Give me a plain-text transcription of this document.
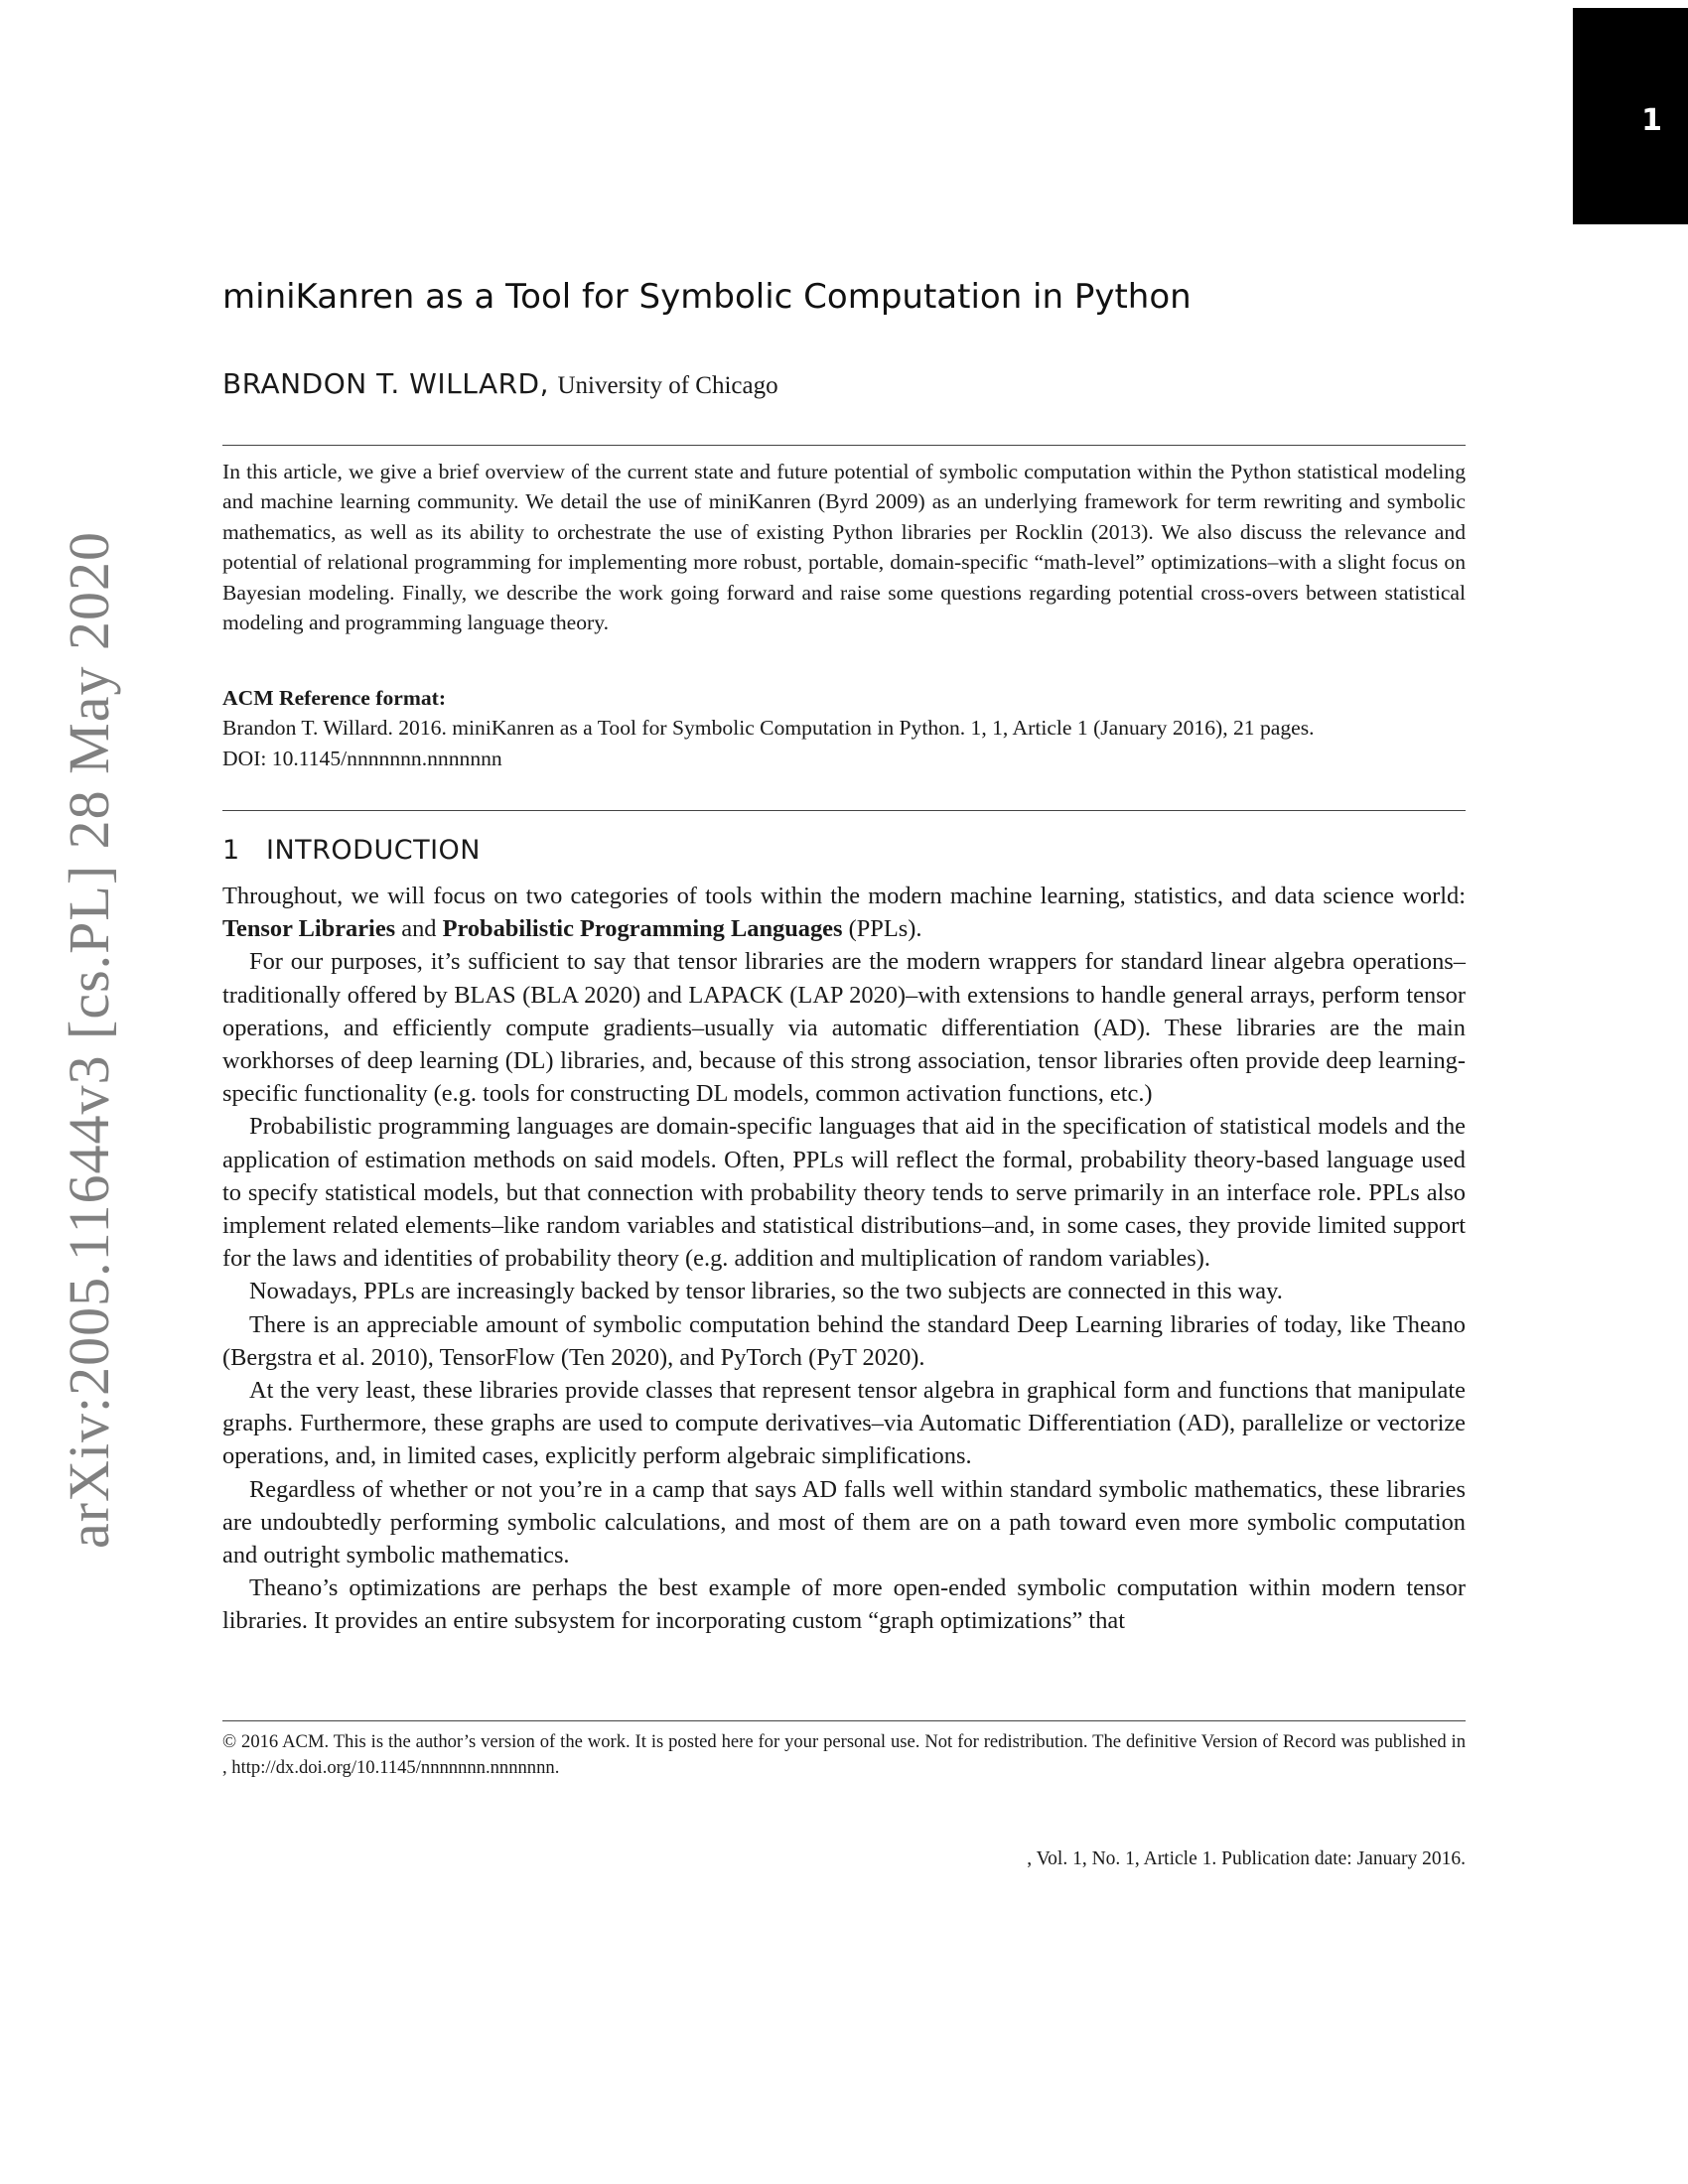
1
arXiv:2005.11644v3 [cs.PL] 28 May 2020
miniKanren as a Tool for Symbolic Computation in Python
BRANDON T. WILLARD, University of Chicago

In this article, we give a brief overview of the current state and future potential of symbolic computation within the Python statistical modeling and machine learning community. We detail the use of miniKanren (Byrd 2009) as an underlying framework for term rewriting and symbolic mathematics, as well as its ability to orchestrate the use of existing Python libraries per Rocklin (2013). We also discuss the relevance and potential of relational programming for implementing more robust, portable, domain-specific “math-level” optimizations–with a slight focus on Bayesian modeling. Finally, we describe the work going forward and raise some questions regarding potential cross-overs between statistical modeling and programming language theory.

ACM Reference format:
Brandon T. Willard. 2016. miniKanren as a Tool for Symbolic Computation in Python. 1, 1, Article 1 (January 2016), 21 pages.
DOI: 10.1145/nnnnnnn.nnnnnnn
1 INTRODUCTION

Throughout, we will focus on two categories of tools within the modern machine learning, statistics, and data science world: Tensor Libraries and Probabilistic Programming Languages (PPLs).

For our purposes, it’s sufficient to say that tensor libraries are the modern wrappers for standard linear algebra operations–traditionally offered by BLAS (BLA 2020) and LAPACK (LAP 2020)–with extensions to handle general arrays, perform tensor operations, and efficiently compute gradients–usually via automatic differentiation (AD). These libraries are the main workhorses of deep learning (DL) libraries, and, because of this strong association, tensor libraries often provide deep learning-specific functionality (e.g. tools for constructing DL models, common activation functions, etc.)

Probabilistic programming languages are domain-specific languages that aid in the specification of statistical models and the application of estimation methods on said models. Often, PPLs will reflect the formal, probability theory-based language used to specify statistical models, but that connection with probability theory tends to serve primarily in an interface role. PPLs also implement related elements–like random variables and statistical distributions–and, in some cases, they provide limited support for the laws and identities of probability theory (e.g. addition and multiplication of random variables).

Nowadays, PPLs are increasingly backed by tensor libraries, so the two subjects are connected in this way.

There is an appreciable amount of symbolic computation behind the standard Deep Learning libraries of today, like Theano (Bergstra et al. 2010), TensorFlow (Ten 2020), and PyTorch (PyT 2020).

At the very least, these libraries provide classes that represent tensor algebra in graphical form and functions that manipulate graphs. Furthermore, these graphs are used to compute derivatives–via Automatic Differentiation (AD), parallelize or vectorize operations, and, in limited cases, explicitly perform algebraic simplifications.

Regardless of whether or not you’re in a camp that says AD falls well within standard symbolic mathematics, these libraries are undoubtedly performing symbolic calculations, and most of them are on a path toward even more symbolic computation and outright symbolic mathematics.

Theano’s optimizations are perhaps the best example of more open-ended symbolic computation within modern tensor libraries. It provides an entire subsystem for incorporating custom “graph optimizations” that

© 2016 ACM. This is the author’s version of the work. It is posted here for your personal use. Not for redistribution. The definitive Version of Record was published in , http://dx.doi.org/10.1145/nnnnnnn.nnnnnnn.
, Vol. 1, No. 1, Article 1. Publication date: January 2016.
